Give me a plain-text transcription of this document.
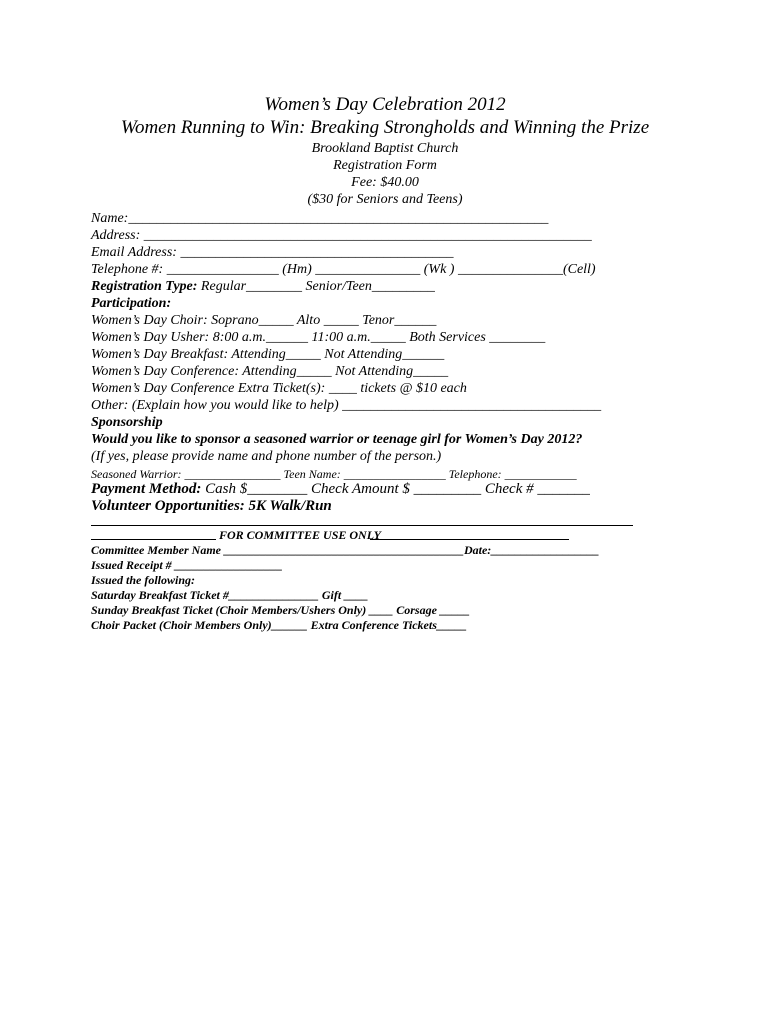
Women’s Day Celebration 2012
Women Running to Win: Breaking Strongholds and Winning the Prize
Brookland Baptist Church
Registration Form
Fee: $40.00
($30 for Seniors and Teens)
Name:____________________________________________________________
Address: ________________________________________________________________
Email Address: _______________________________________
Telephone #: ________________ (Hm) _______________ (Wk ) _______________(Cell)
Registration Type: Regular________ Senior/Teen_________
Participation:
Women’s Day Choir: Soprano_____ Alto _____ Tenor______
Women’s Day Usher: 8:00 a.m.______ 11:00 a.m._____ Both Services ________
Women’s Day Breakfast: Attending_____ Not Attending______
Women’s Day Conference: Attending_____ Not Attending_____
Women’s Day Conference Extra Ticket(s): ____ tickets @ $10 each
Other: (Explain how you would like to help) _____________________________________
Sponsorship
Would you like to sponsor a seasoned warrior or teenage girl for Women’s Day 2012?
(If yes, please provide name and phone number of the person.)
Seasoned Warrior: ________________ Teen Name: _________________ Telephone: ____________
Payment Method: Cash $________ Check Amount $ _________ Check # _______
Volunteer Opportunities: 5K Walk/Run
FOR COMMITTEE USE ONLY
Committee Member Name ________________________________________Date:__________________
Issued Receipt # __________________
Issued the following:
Saturday Breakfast Ticket #_______________ Gift ____
Sunday Breakfast Ticket (Choir Members/Ushers Only) ____ Corsage _____
Choir Packet (Choir Members Only)______ Extra Conference Tickets_____
